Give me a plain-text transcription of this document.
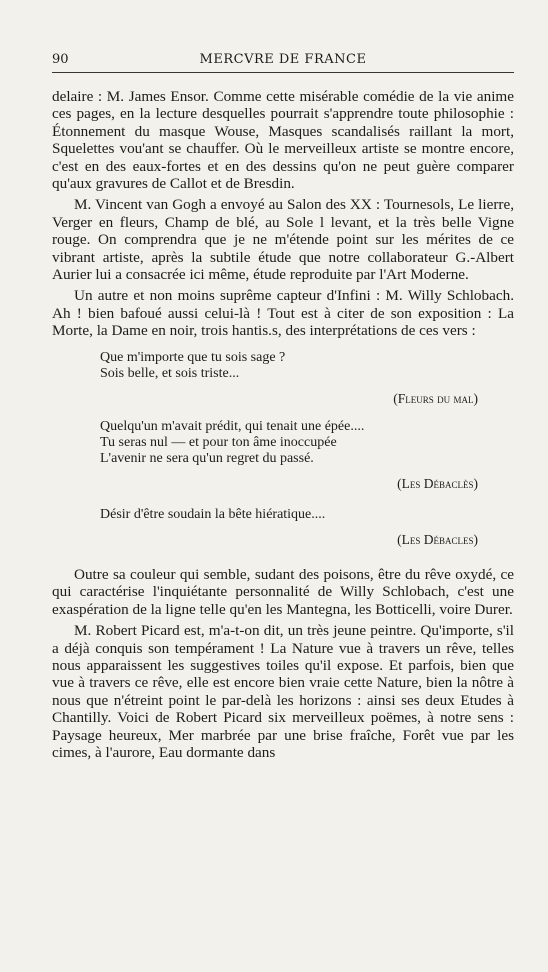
90	MERCVRE DE FRANCE

delaire : M. James Ensor. Comme cette misérable comédie de la vie anime ces pages, en la lecture desquelles pourrait s'apprendre toute philosophie : Étonnement du masque Wouse, Masques scandalisés raillant la mort, Squelettes vou'ant se chauffer. Où le merveilleux artiste se montre encore, c'est en des eaux-fortes et en des dessins qu'on ne peut guère comparer qu'aux gravures de Callot et de Bresdin.

M. Vincent van Gogh a envoyé au Salon des XX : Tournesols, Le lierre, Verger en fleurs, Champ de blé, au Sole l levant, et la très belle Vigne rouge. On comprendra que je ne m'étende point sur les mérites de ce vibrant artiste, après la subtile étude que notre collaborateur G.-Albert Aurier lui a consacrée ici même, étude reproduite par l'Art Moderne.

Un autre et non moins suprême capteur d'Infini : M. Willy Schlobach. Ah ! bien bafoué aussi celui-là ! Tout est à citer de son exposition : La Morte, la Dame en noir, trois hantis.s, des interprétations de ces vers :

Que m'importe que tu sois sage ?
Sois belle, et sois triste...
(Fleurs du mal)
Quelqu'un m'avait prédit, qui tenait une épée....
Tu seras nul — et pour ton âme inoccupée
L'avenir ne sera qu'un regret du passé.
(Les Débaclès)
Désir d'être soudain la bête hiératique....
(Les Débacles)

Outre sa couleur qui semble, sudant des poisons, être du rêve oxydé, ce qui caractérise l'inquiétante personnalité de Willy Schlobach, c'est une exaspération de la ligne telle qu'en les Mantegna, les Botticelli, voire Durer.

M. Robert Picard est, m'a-t-on dit, un très jeune peintre. Qu'importe, s'il a déjà conquis son tempérament ! La Nature vue à travers un rêve, telles nous apparaissent les suggestives toiles qu'il expose. Et parfois, bien que vue à travers ce rêve, elle est encore bien vraie cette Nature, bien la nôtre à nous que n'étreint point le par-delà les horizons : ainsi ses deux Etudes à Chantilly. Voici de Robert Picard six merveilleux poëmes, à notre sens : Paysage heureux, Mer marbrée par une brise fraîche, Forêt vue par les cimes, à l'aurore, Eau dormante dans
